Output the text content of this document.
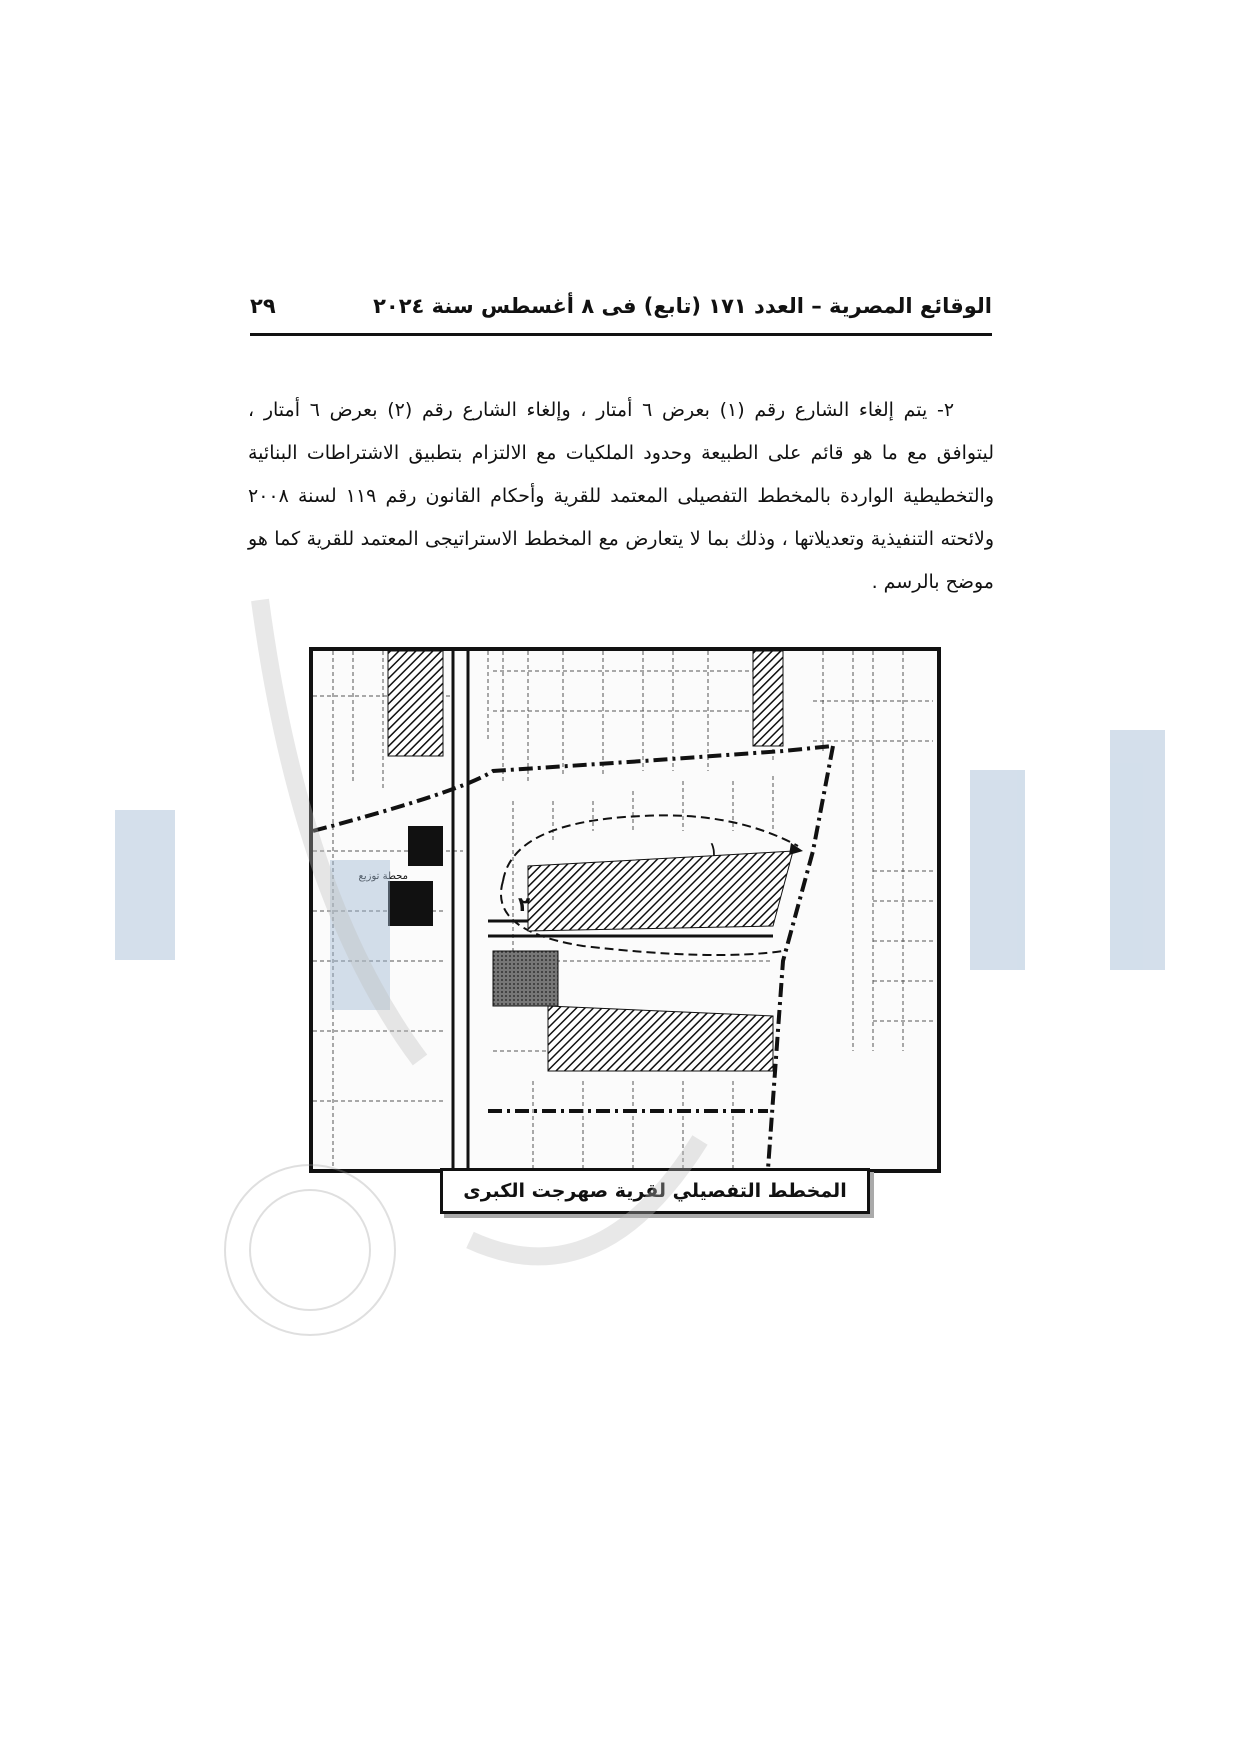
الوقائع المصرية – العدد ١٧١ (تابع) فى ٨ أغسطس سنة ٢٠٢٤
٢٩

٢- يتم إلغاء الشارع رقم (١) بعرض ٦ أمتار ، وإلغاء الشارع رقم (٢) بعرض ٦ أمتار ، ليتوافق مع ما هو قائم على الطبيعة وحدود الملكيات مع الالتزام بتطبيق الاشتراطات البنائية والتخطيطية الواردة بالمخطط التفصيلى المعتمد للقرية وأحكام القانون رقم ١١٩ لسنة ٢٠٠٨ ولائحته التنفيذية وتعديلاتها ، وذلك بما لا يتعارض مع المخطط الاستراتيجى المعتمد للقرية كما هو موضح بالرسم .

١
٢
محطة توزيع
المخطط التفصيلي لقرية صهرجت الكبرى
